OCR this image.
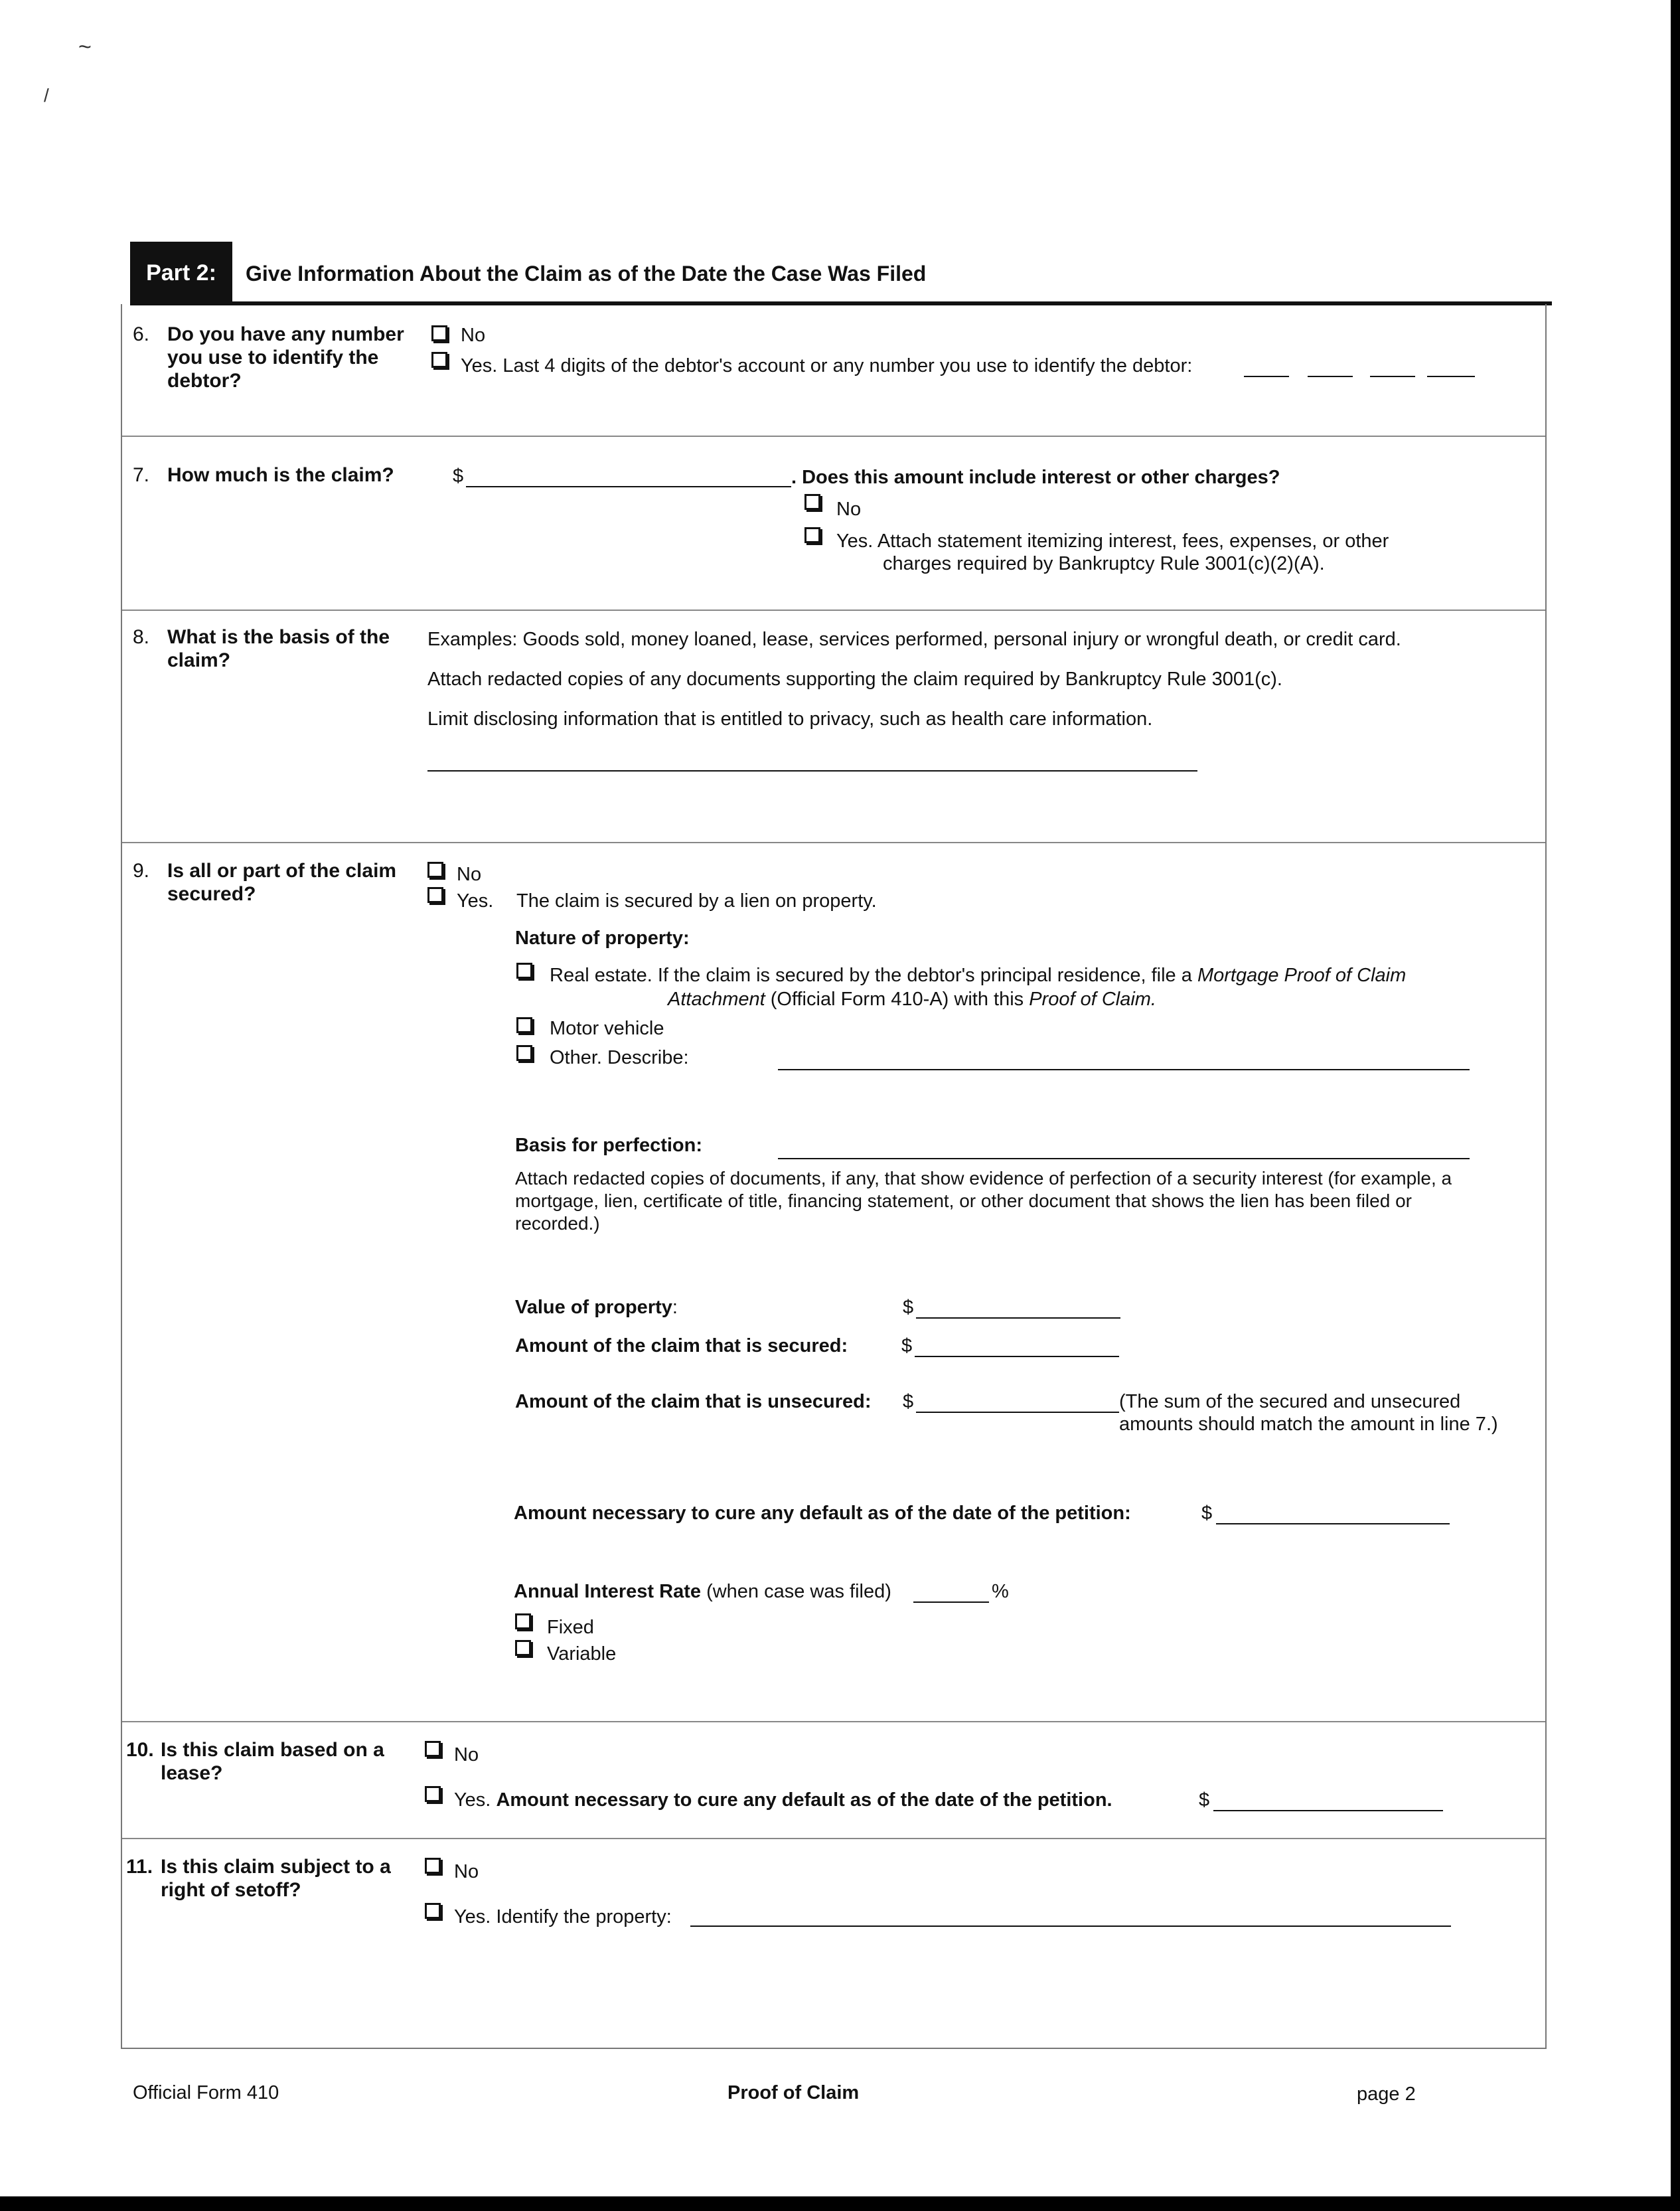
~
/
Part 2:	Give Information About the Claim as of the Date the Case Was Filed
6. Do you have any number you use to identify the debtor?
No
Yes. Last 4 digits of the debtor's account or any number you use to identify the debtor:
7. How much is the claim?	$	. Does this amount include interest or other charges?
No
Yes. Attach statement itemizing interest, fees, expenses, or other
charges required by Bankruptcy Rule 3001(c)(2)(A).
8. What is the basis of the claim?
Examples: Goods sold, money loaned, lease, services performed, personal injury or wrongful death, or credit card.
Attach redacted copies of any documents supporting the claim required by Bankruptcy Rule 3001(c).
Limit disclosing information that is entitled to privacy, such as health care information.
9. Is all or part of the claim secured?
No
Yes. The claim is secured by a lien on property.
Nature of property:
Real estate. If the claim is secured by the debtor's principal residence, file a Mortgage Proof of Claim
Attachment (Official Form 410-A) with this Proof of Claim.
Motor vehicle
Other. Describe:
Basis for perfection:
Attach redacted copies of documents, if any, that show evidence of perfection of a security interest (for example, a mortgage, lien, certificate of title, financing statement, or other document that shows the lien has been filed or recorded.)
Value of property:	$
Amount of the claim that is secured:	$
Amount of the claim that is unsecured: $	(The sum of the secured and unsecured
amounts should match the amount in line 7.)
Amount necessary to cure any default as of the date of the petition:	$
Annual Interest Rate (when case was filed)	%
Fixed
Variable
10. Is this claim based on a lease?
No
Yes. Amount necessary to cure any default as of the date of the petition.	$
11. Is this claim subject to a right of setoff?
No
Yes. Identify the property:
Official Form 410	Proof of Claim	page 2
